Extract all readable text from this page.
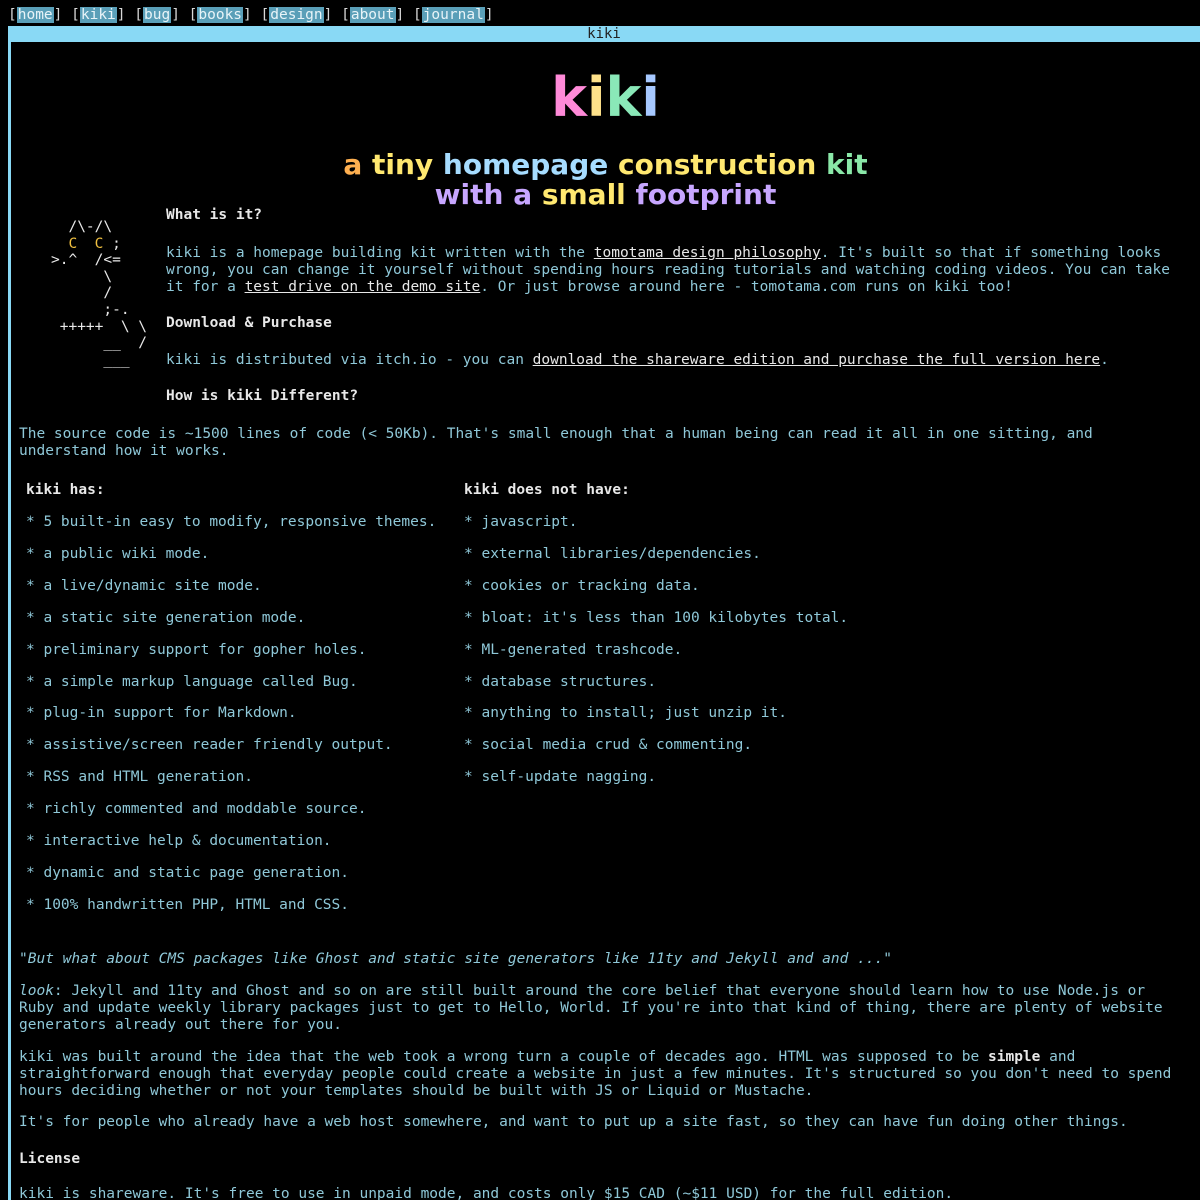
[home] [kiki] [bug] [books] [design] [about] [journal]
kiki
kiki
a tiny homepage construction kit
with a small footprint
/\-/\
C C ;
>.^  /<=
\
/
;-.
+++++  \ \
__  /
___
What is it?

kiki is a homepage building kit written with the tomotama design philosophy. It's built so that if something looks wrong, you can change it yourself without spending hours reading tutorials and watching coding videos. You can take it for a test drive on the demo site. Or just browse around here - tomotama.com runs on kiki too!

Download & Purchase

kiki is distributed via itch.io - you can download the shareware edition and purchase the full version here.

How is kiki Different?

The source code is ~1500 lines of code (< 50Kb). That's small enough that a human being can read it all in one sitting, and understand how it works.

kiki has:	kiki does not have:
* 5 built-in easy to modify, responsive themes.
* a public wiki mode.
* a live/dynamic site mode.
* a static site generation mode.
* preliminary support for gopher holes.
* a simple markup language called Bug.
* plug-in support for Markdown.
* assistive/screen reader friendly output.
* RSS and HTML generation.
* richly commented and moddable source.
* interactive help & documentation.
* dynamic and static page generation.
* 100% handwritten PHP, HTML and CSS.
* javascript.
* external libraries/dependencies.
* cookies or tracking data.
* bloat: it's less than 100 kilobytes total.
* ML-generated trashcode.
* database structures.
* anything to install; just unzip it.
* social media crud & commenting.
* self-update nagging.

"But what about CMS packages like Ghost and static site generators like 11ty and Jekyll and and ..."

look: Jekyll and 11ty and Ghost and so on are still built around the core belief that everyone should learn how to use Node.js or Ruby and update weekly library packages just to get to Hello, World. If you're into that kind of thing, there are plenty of website generators already out there for you.

kiki was built around the idea that the web took a wrong turn a couple of decades ago. HTML was supposed to be simple and straightforward enough that everyday people could create a website in just a few minutes. It's structured so you don't need to spend hours deciding whether or not your templates should be built with JS or Liquid or Mustache.

It's for people who already have a web host somewhere, and want to put up a site fast, so they can have fun doing other things.

License

kiki is shareware. It's free to use in unpaid mode, and costs only $15 CAD (~$11 USD) for the full edition.
